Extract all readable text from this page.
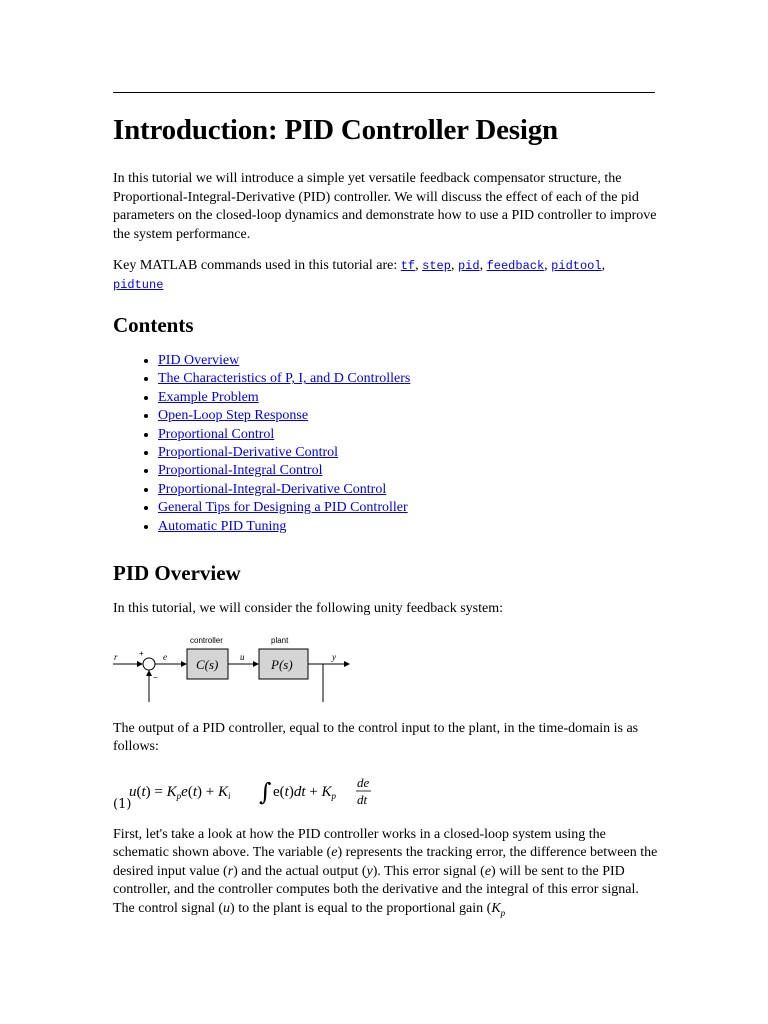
Introduction: PID Controller Design

In this tutorial we will introduce a simple yet versatile feedback compensator structure, the Proportional-Integral-Derivative (PID) controller. We will discuss the effect of each of the pid parameters on the closed-loop dynamics and demonstrate how to use a PID controller to improve the system performance.

Key MATLAB commands used in this tutorial are: tf, step, pid, feedback, pidtool, pidtune

Contents
• PID Overview
• The Characteristics of P, I, and D Controllers
• Example Problem
• Open-Loop Step Response
• Proportional Control
• Proportional-Derivative Control
• Proportional-Integral Control
• Proportional-Integral-Derivative Control
• General Tips for Designing a PID Controller
• Automatic PID Tuning
PID Overview

In this tutorial, we will consider the following unity feedback system:

controller	plant
C(s)	P(s)
r	e	u	y
+
−

The output of a PID controller, equal to the control input to the plant, in the time-domain is as follows:

(1)
$u(t) = K_pe(t) + K_i$ ∫ $e(t)dt + K_p$
de
dt

First, let's take a look at how the PID controller works in a closed-loop system using the schematic shown above. The variable (e) represents the tracking error, the difference between the desired input value (r) and the actual output (y). This error signal (e) will be sent to the PID controller, and the controller computes both the derivative and the integral of this error signal. The control signal (u) to the plant is equal to the proportional gain ($K_p$
